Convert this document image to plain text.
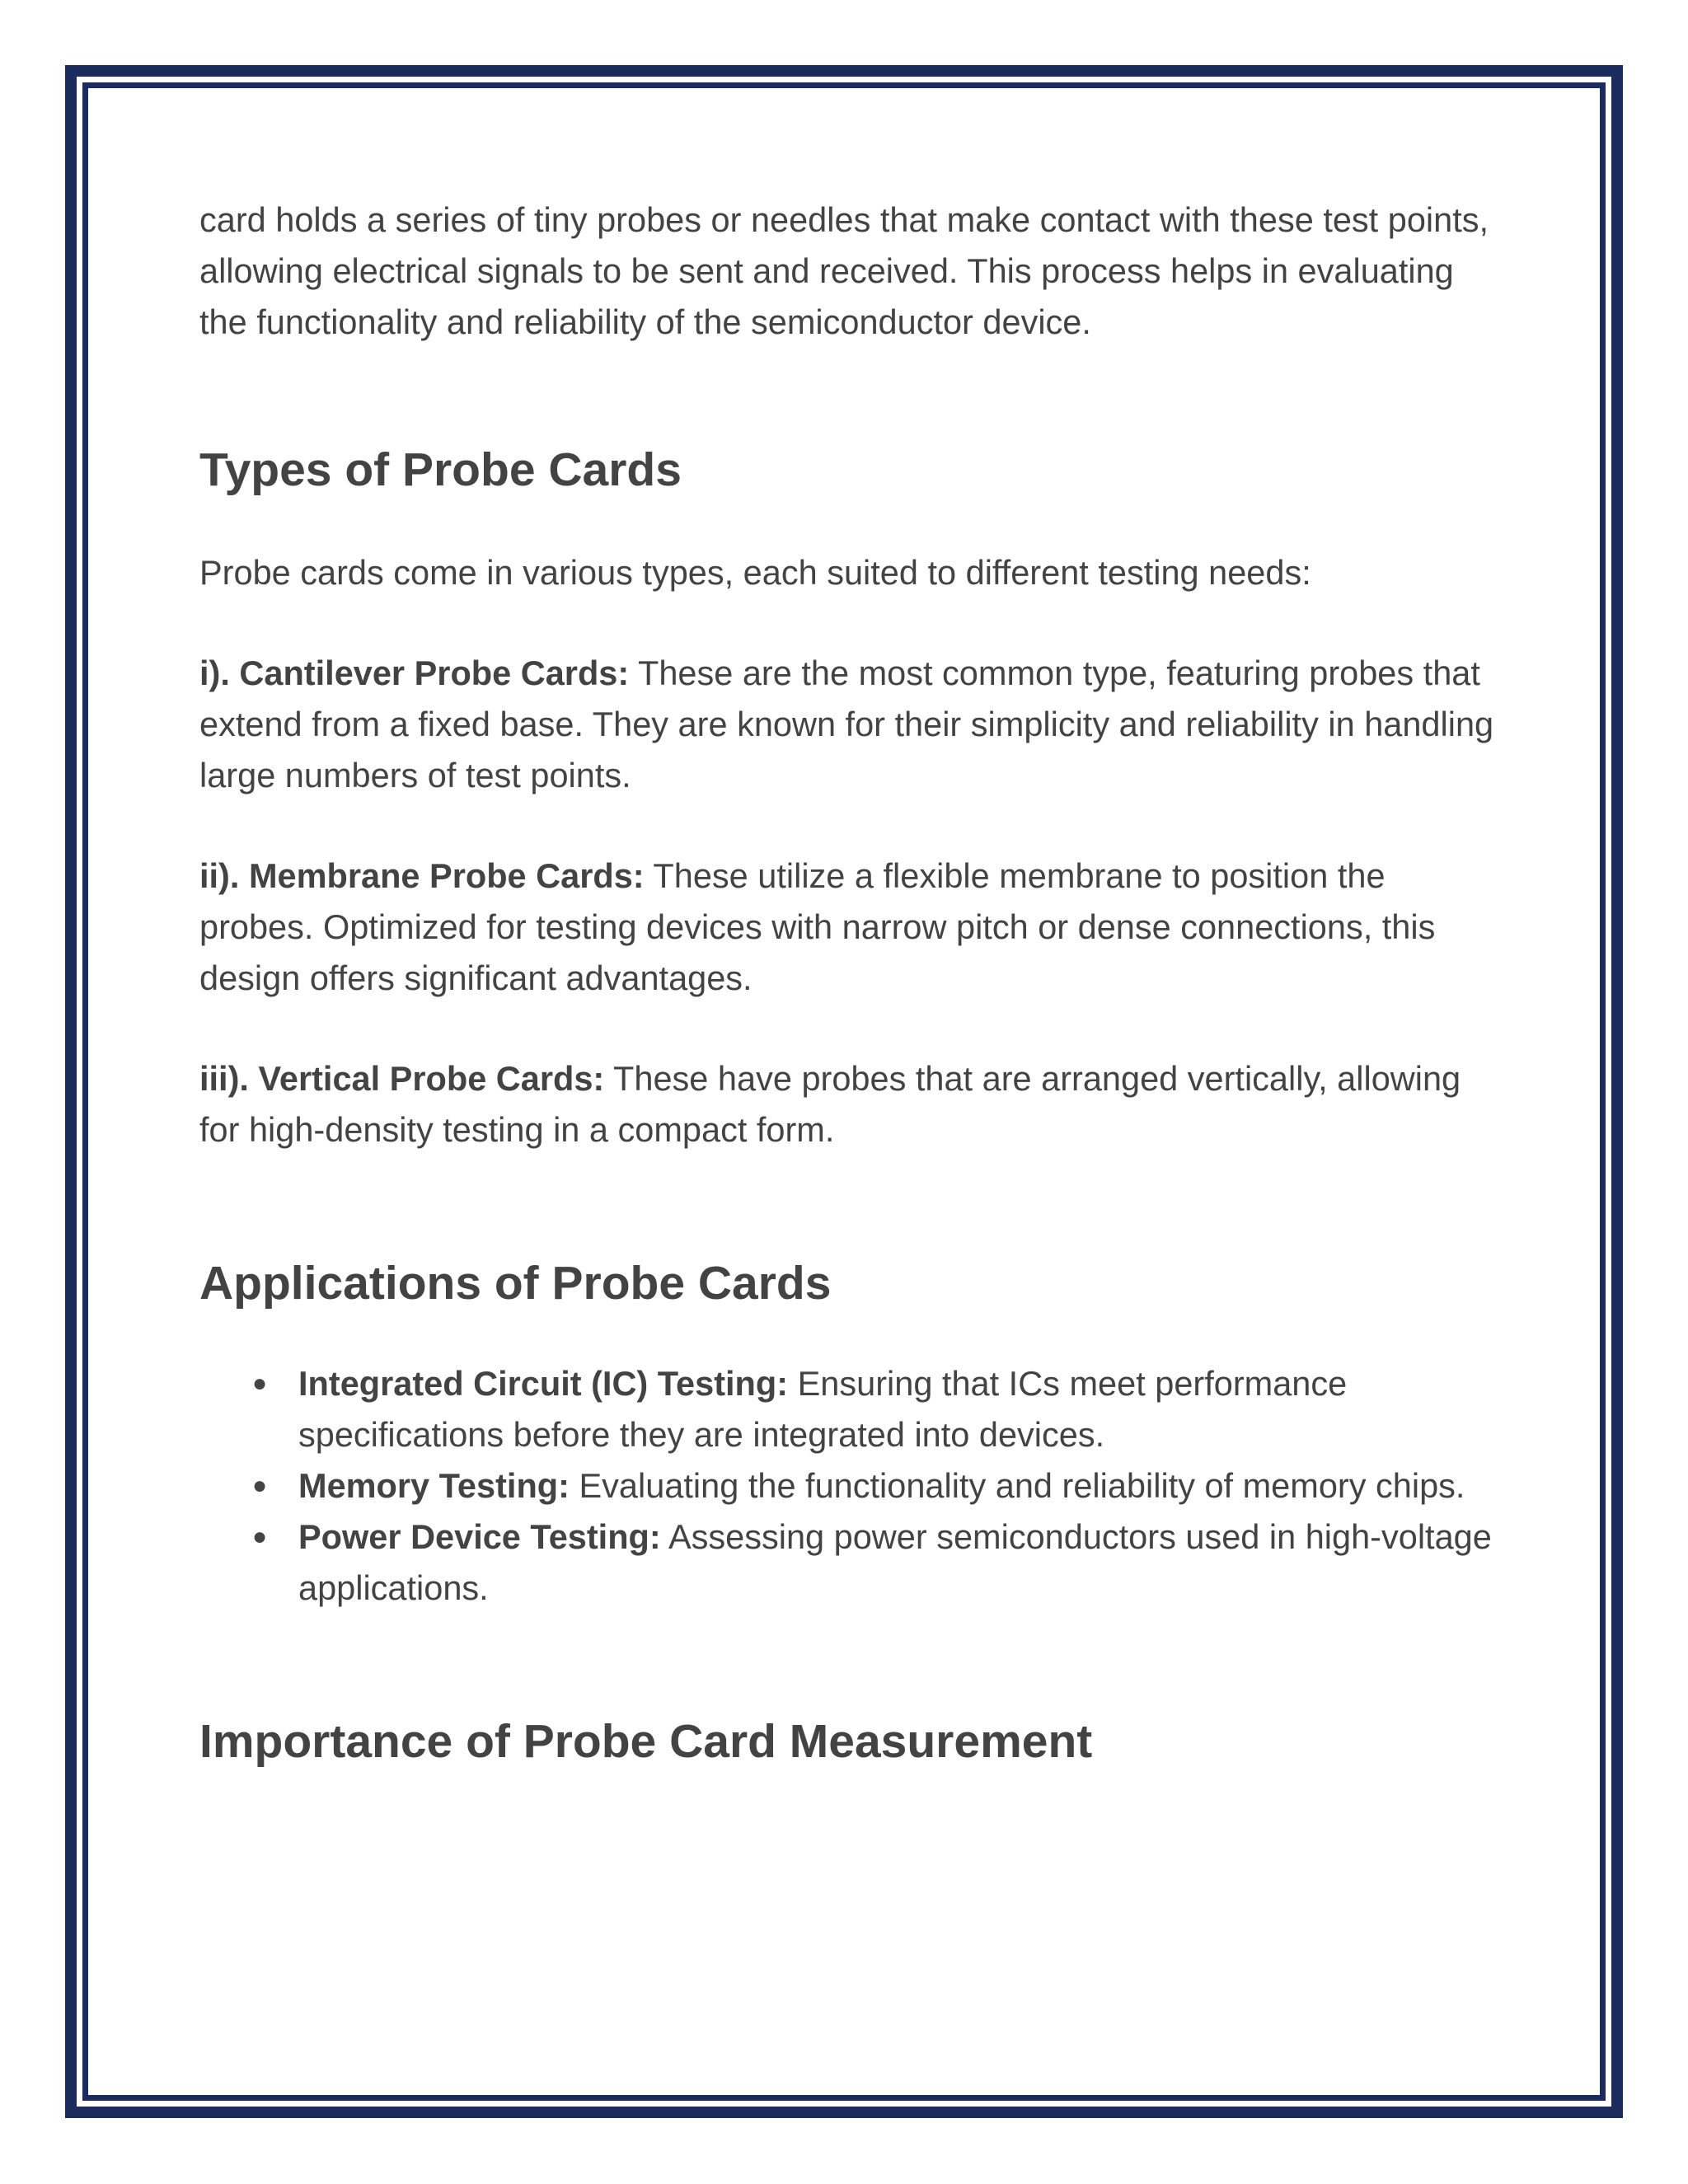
card holds a series of tiny probes or needles that make contact with these test points, allowing electrical signals to be sent and received. This process helps in evaluating the functionality and reliability of the semiconductor device.

Types of Probe Cards

Probe cards come in various types, each suited to different testing needs:

i). Cantilever Probe Cards: These are the most common type, featuring probes that extend from a fixed base. They are known for their simplicity and reliability in handling large numbers of test points.

ii). Membrane Probe Cards: These utilize a flexible membrane to position the probes. Optimized for testing devices with narrow pitch or dense connections, this design offers significant advantages.

iii). Vertical Probe Cards: These have probes that are arranged vertically, allowing for high-density testing in a compact form.

Applications of Probe Cards
● Integrated Circuit (IC) Testing: Ensuring that ICs meet performance specifications before they are integrated into devices.
● Memory Testing: Evaluating the functionality and reliability of memory chips.
● Power Device Testing: Assessing power semiconductors used in high-voltage applications.
Importance of Probe Card Measurement
